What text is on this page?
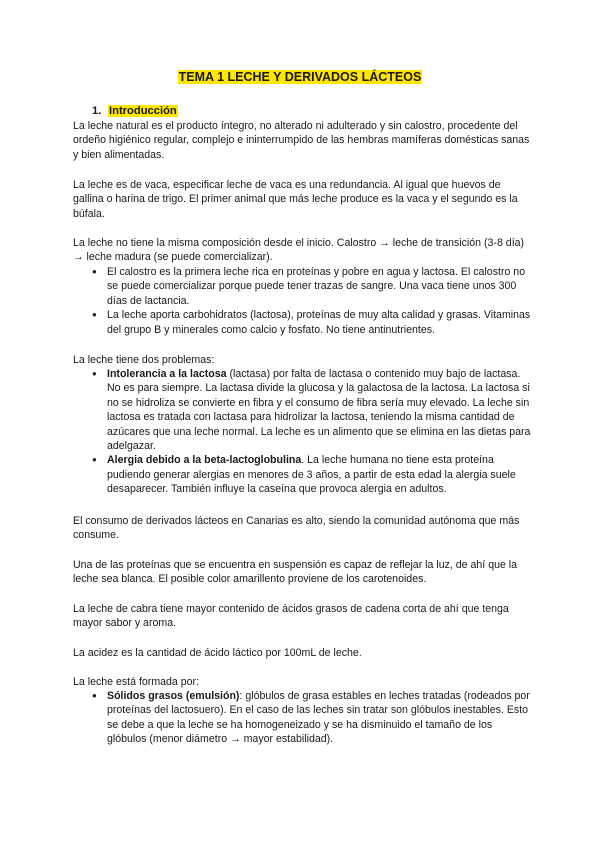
TEMA 1 LECHE Y DERIVADOS LÁCTEOS
1. Introducción
La leche natural es el producto íntegro, no alterado ni adulterado y sin calostro, procedente del ordeño higiénico regular, complejo e ininterrumpido de las hembras mamíferas domésticas sanas y bien alimentadas.
La leche es de vaca, especificar leche de vaca es una redundancia. Al igual que huevos de gallina o harina de trigo. El primer animal que más leche produce es la vaca y el segundo es la búfala.
La leche no tiene la misma composición desde el inicio. Calostro → leche de transición (3-8 día) → leche madura (se puede comercializar).
● El calostro es la primera leche rica en proteínas y pobre en agua y lactosa. El calostro no se puede comercializar porque puede tener trazas de sangre. Una vaca tiene unos 300 días de lactancia.
● La leche aporta carbohidratos (lactosa), proteínas de muy alta calidad y grasas. Vitaminas del grupo B y minerales como calcio y fosfato. No tiene antinutrientes.
La leche tiene dos problemas:
● Intolerancia a la lactosa (lactasa) por falta de lactasa o contenido muy bajo de lactasa. No es para siempre. La lactasa divide la glucosa y la galactosa de la lactosa. La lactosa si no se hidroliza se convierte en fibra y el consumo de fibra sería muy elevado. La leche sin lactosa es tratada con lactasa para hidrolizar la lactosa, teniendo la misma cantidad de azúcares que una leche normal. La leche es un alimento que se elimina en las dietas para adelgazar.
● Alergia debido a la beta-lactoglobulina. La leche humana no tiene esta proteína pudiendo generar alergias en menores de 3 años, a partir de esta edad la alergia suele desaparecer. También influye la caseína que provoca alergia en adultos.
El consumo de derivados lácteos en Canarias es alto, siendo la comunidad autónoma que más consume.
Una de las proteínas que se encuentra en suspensión es capaz de reflejar la luz, de ahí que la leche sea blanca. El posible color amarillento proviene de los carotenoides.
La leche de cabra tiene mayor contenido de ácidos grasos de cadena corta de ahí que tenga mayor sabor y aroma.
La acidez es la cantidad de ácido láctico por 100mL de leche.
La leche está formada por:
● Sólidos grasos (emulsión): glóbulos de grasa estables en leches tratadas (rodeados por proteínas del lactosuero). En el caso de las leches sin tratar son glóbulos inestables. Esto se debe a que la leche se ha homogeneizado y se ha disminuido el tamaño de los glóbulos (menor diámetro → mayor estabilidad).
